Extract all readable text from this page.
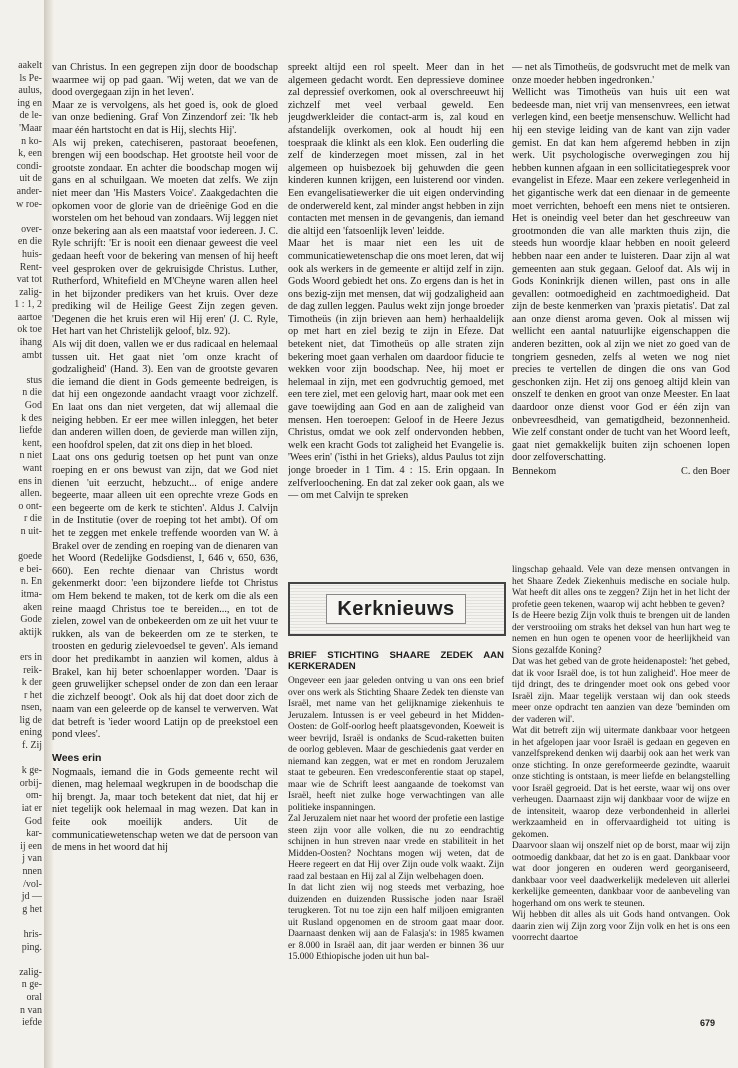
aakelt
ls Pe-
aulus,
ing en
de le-
'Maar
n ko-
k, een
condi-
uit de
ander-
w roe-
over-
en die
huis-
Rent-
vat tot
zalig-
1 : 1, 2
aartoe
ok toe
ihang
ambt
stus
n die
God
k des
liefde
kent,
n niet
want
ens in
allen.
o ont-
r die
n uit-
goede
e bei-
n. En
itma-
aken
Gode
aktijk
ers in
reik-
k der
r het
nsen,
lig de
ening
f. Zij
k ge-
orbij-
om-
iat er
God
kar-
ij een
j van
nnen
/vol-
jd —
g het
hris-
ping.
zalig-
n ge-
oral
n van
iefde

van Christus. In een gegrepen zijn door de boodschap waarmee wij op pad gaan. 'Wij weten, dat we van de dood overgegaan zijn in het leven'.

Maar ze is vervolgens, als het goed is, ook de gloed van onze bediening. Graf Von Zinzendorf zei: 'Ik heb maar één hartstocht en dat is Hij, slechts Hij'.

Als wij preken, catechiseren, pastoraat beoefenen, brengen wij een boodschap. Het grootste heil voor de grootste zondaar. En achter die boodschap mogen wij gans en al schuilgaan. We moeten dat zelfs. We zijn niet meer dan 'His Masters Voice'. Zaakgedachten die opkomen voor de glorie van de drieënige God en die worstelen om het behoud van zondaars. Wij leggen niet onze bekering aan als een maatstaf voor iedereen. J. C. Ryle schrijft: 'Er is nooit een dienaar geweest die veel gedaan heeft voor de bekering van mensen of hij heeft veel gesproken over de gekruisigde Christus. Luther, Rutherford, Whitefield en M'Cheyne waren allen heel in het bijzonder predikers van het kruis. Over deze prediking wil de Heilige Geest Zijn zegen geven. 'Degenen die het kruis eren wil Hij eren' (J. C. Ryle, Het hart van het Christelijk geloof, blz. 92).

Als wij dit doen, vallen we er dus radicaal en helemaal tussen uit. Het gaat niet 'om onze kracht of godzaligheid' (Hand. 3). Een van de grootste gevaren die iemand die dient in Gods gemeente bedreigen, is dat hij een ongezonde aandacht vraagt voor zichzelf. En laat ons dan niet vergeten, dat wij allemaal die neiging hebben. Er eer mee willen inleggen, het beter dan anderen willen doen, de gevierde man willen zijn, een hoofdrol spelen, dat zit ons diep in het bloed.

Laat ons ons gedurig toetsen op het punt van onze roeping en er ons bewust van zijn, dat we God niet dienen 'uit eerzucht, hebzucht... of enige andere begeerte, maar alleen uit een oprechte vreze Gods en een begeerte om de kerk te stichten'. Aldus J. Calvijn in de Institutie (over de roeping tot het ambt). Of om het te zeggen met enkele treffende woorden van W. à Brakel over de zending en roeping van de dienaren van het Woord (Redelijke Godsdienst, I, 646 v, 650, 636, 660). Een rechte dienaar van Christus wordt gekenmerkt door: 'een bijzondere liefde tot Christus om Hem bekend te maken, tot de kerk om die als een reine maagd Christus toe te bereiden..., en tot de zielen, zowel van de onbekeerden om ze uit het vuur te rukken, als van de bekeerden om ze te sterken, te troosten en gedurig zielevoedsel te geven'. Als iemand door het predikambt in aanzien wil komen, aldus à Brakel, kan hij beter schoenlapper worden. 'Daar is geen gruwelijker schepsel onder de zon dan een leraar die zichzelf beoogt'. Ook als hij dat doet door zich de naam van een geleerde op de kansel te verwerven. Wat dat betreft is 'ieder woord Latijn op de preekstoel een pond vlees'.

Wees erin

Nogmaals, iemand die in Gods gemeente recht wil dienen, mag helemaal wegkrupen in de boodschap die hij brengt. Ja, maar toch betekent dat niet, dat hij er niet tegelijk ook helemaal in mag wezen. Dat kan in feite ook moeilijk anders. Uit de communicatiewetenschap weten we dat de persoon van de mens in het woord dat hij

spreekt altijd een rol speelt. Meer dan in het algemeen gedacht wordt. Een depressieve dominee zal depressief overkomen, ook al overschreeuwt hij zichzelf met veel verbaal geweld. Een jeugdwerkleider die contact-arm is, zal koud en afstandelijk overkomen, ook al houdt hij een toespraak die klinkt als een klok. Een ouderling die zelf de kinderzegen moet missen, zal in het algemeen op huisbezoek bij gehuwden die geen kinderen kunnen krijgen, een luisterend oor vinden. Een evangelisatiewerker die uit eigen ondervinding de onderwereld kent, zal minder angst hebben in zijn contacten met mensen in de gevangenis, dan iemand die altijd een 'fatsoenlijk leven' leidde.

Maar het is maar niet een les uit de communicatiewetenschap die ons moet leren, dat wij ook als werkers in de gemeente er altijd zelf in zijn. Gods Woord gebiedt het ons. Zo ergens dan is het in ons bezig-zijn met mensen, dat wij godzaligheid aan de dag zullen leggen. Paulus wekt zijn jonge broeder Timotheüs (in zijn brieven aan hem) herhaaldelijk op met hart en ziel bezig te zijn in Efeze. Dat betekent niet, dat Timotheüs op alle straten zijn bekering moet gaan verhalen om daardoor fiducie te wekken voor zijn boodschap. Nee, hij moet er helemaal in zijn, met een godvruchtig gemoed, met een tere ziel, met een gelovig hart, maar ook met een gave toewijding aan God en aan de zaligheid van mensen. Hen toeroepen: Geloof in de Heere Jezus Christus, omdat we ook zelf ondervonden hebben, welk een kracht Gods tot zaligheid het Evangelie is. 'Wees erin' ('isthi in het Grieks), aldus Paulus tot zijn jonge broeder in 1 Tim. 4 : 15. Erin opgaan. In zelfverloochening. En dat zal zeker ook gaan, als we — om met Calvijn te spreken

— net als Timotheüs, de godsvrucht met de melk van onze moeder hebben ingedronken.'

Wellicht was Timotheüs van huis uit een wat bedeesde man, niet vrij van mensenvrees, een ietwat verlegen kind, een beetje mensenschuw. Wellicht had hij een stevige leiding van de kant van zijn vader gemist. En dat kan hem afgeremd hebben in zijn werk. Uit psychologische overwegingen zou hij hebben kunnen afgaan in een sollicitatiegesprek voor evangelist in Efeze. Maar een zekere verlegenheid in het gigantische werk dat een dienaar in de gemeente moet verrichten, behoeft een mens niet te ontsieren. Het is oneindig veel beter dan het geschreeuw van grootmonden die van alle markten thuis zijn, die steeds hun woordje klaar hebben en nooit geleerd hebben naar een ander te luisteren. Daar zijn al wat gemeenten aan stuk gegaan. Geloof dat. Als wij in Gods Koninkrijk dienen willen, past ons in alle gevallen: ootmoedigheid en zachtmoedigheid. Dat zijn de beste kenmerken van 'praxis pietatis'. Dat zal aan onze dienst aroma geven. Ook al missen wij wellicht een aantal natuurlijke eigenschappen die anderen bezitten, ook al zijn we niet zo goed van de tongriem gesneden, zelfs al weten we nog niet precies te vertellen de dingen die ons van God geschonken zijn. Het zij ons genoeg altijd klein van onszelf te denken en groot van onze Meester. En laat daardoor onze dienst voor God er één zijn van onbevreesdheid, van gematigdheid, bezonnenheid. Wie zelf constant onder de tucht van het Woord leeft, gaat niet gemakkelijk buiten zijn schoenen lopen door zelfoverschatting.

Bennekom	C. den Boer
Kerknieuws
BRIEF STICHTING SHAARE ZEDEK AAN KERKERADEN

Ongeveer een jaar geleden ontving u van ons een brief over ons werk als Stichting Shaare Zedek ten dienste van Israël, met name van het gelijknamige ziekenhuis te Jeruzalem. Intussen is er veel gebeurd in het Midden-Oosten: de Golf-oorlog heeft plaatsgevonden, Koeweit is weer bevrijd, Israël is ondanks de Scud-raketten buiten de oorlog gebleven. Maar de geschiedenis gaat verder en niemand kan zeggen, wat er met en rondom Jeruzalem staat te gebeuren. Een vredesconferentie staat op stapel, maar wie de Schrift leest aangaande de toekomst van Israël, heeft niet zulke hoge verwachtingen van alle politieke inspanningen.

Zal Jeruzalem niet naar het woord der profetie een lastige steen zijn voor alle volken, die nu zo eendrachtig schijnen in hun streven naar vrede en stabiliteit in het Midden-Oosten? Nochtans mogen wij weten, dat de Heere regeert en dat Hij over Zijn oude volk waakt. Zijn raad zal bestaan en Hij zal al Zijn welbehagen doen.

In dat licht zien wij nog steeds met verbazing, hoe duizenden en duizenden Russische joden naar Israël terugkeren. Tot nu toe zijn een half miljoen emigranten uit Rusland opgenomen en de stroom gaat maar door. Daarnaast denken wij aan de Falasja's: in 1985 kwamen er 8.000 in Israël aan, dit jaar werden er binnen 36 uur 15.000 Ethiopische joden uit hun bal-

lingschap gehaald. Vele van deze mensen ontvangen in het Shaare Zedek Ziekenhuis medische en sociale hulp. Wat heeft dit alles ons te zeggen? Zijn het in het licht der profetie geen tekenen, waarop wij acht hebben te geven?

Is de Heere bezig Zijn volk thuis te brengen uit de landen der verstrooiing om straks het deksel van hun hart weg te nemen en hun ogen te openen voor de heerlijkheid van Sions gezalfde Koning?

Dat was het gebed van de grote heidenapostel: 'het gebed, dat ik voor Israël doe, is tot hun zaligheid'. Hoe meer de tijd dringt, des te dringender moet ook ons gebed voor Israël zijn. Maar tegelijk verstaan wij dan ook steeds meer onze opdracht ten aanzien van deze 'beminden om der vaderen wil'.

Wat dit betreft zijn wij uitermate dankbaar voor hetgeen in het afgelopen jaar voor Israël is gedaan en gegeven en vanzelfsprekend denken wij daarbij ook aan het werk van onze stichting. In onze gereformeerde gezindte, waaruit onze stichting is ontstaan, is meer liefde en belangstelling voor Israël gegroeid. Dat is het eerste, waar wij ons over verheugen. Daarnaast zijn wij dankbaar voor de wijze en de intensiteit, waarop deze verbondenheid in allerlei werkzaamheid en in offervaardigheid tot uiting is gekomen.

Daarvoor slaan wij onszelf niet op de borst, maar wij zijn ootmoedig dankbaar, dat het zo is en gaat. Dankbaar voor wat door jongeren en ouderen werd georganiseerd, dankbaar voor veel daadwerkelijk medeleven uit allerlei kerkelijke gemeenten, dankbaar voor de aanbeveling van hogerhand om ons werk te steunen.

Wij hebben dit alles als uit Gods hand ontvangen. Ook daarin zien wij Zijn zorg voor Zijn volk en het is ons een voorrecht daartoe

679
